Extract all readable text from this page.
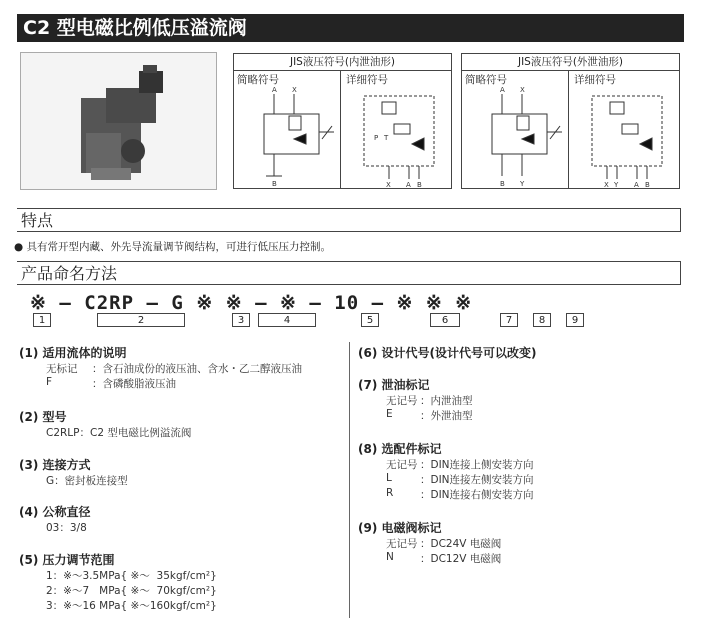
C2 型电磁比例低压溢流阀
JIS液压符号(内泄油形)
简略符号	详细符号
A X
B	X A B
P T
JIS液压符号(外泄油形)
简略符号	详细符号
A X
B Y	X Y A B
特点
● 具有常开型内藏、外先导流量调节阀结构，可进行低压压力控制。
产品命名方法
※ — C2RP — G ※ ※ — ※ — 10 — ※ ※ ※
1	2	3	4	5	6	7	8	9
(1) 适用流体的说明
无标记 ：含石油成份的液压油、含水・乙二醇液压油
F	：含磷酸脂液压油
(2) 型号
C2RLP：C2 型电磁比例溢流阀
(3) 连接方式
G：密封板连接型
(4) 公称直径
03：3/8
(5) 压力调节范围
1：※～3.5MPa{ ※～  35kgf/cm²}
2：※～7   MPa{ ※～  70kgf/cm²}
3：※～16 MPa{ ※～160kgf/cm²}
(6) 设计代号(设计代号可以改变)
(7) 泄油标记
无记号 ：内泄油型
E	：外泄油型
(8) 选配件标记
无记号 ：DIN连接上侧安装方向
L	：DIN连接左侧安装方向
R	：DIN连接右侧安装方向
(9) 电磁阀标记
无记号 ：DC24V 电磁阀
N ：DC12V 电磁阀
